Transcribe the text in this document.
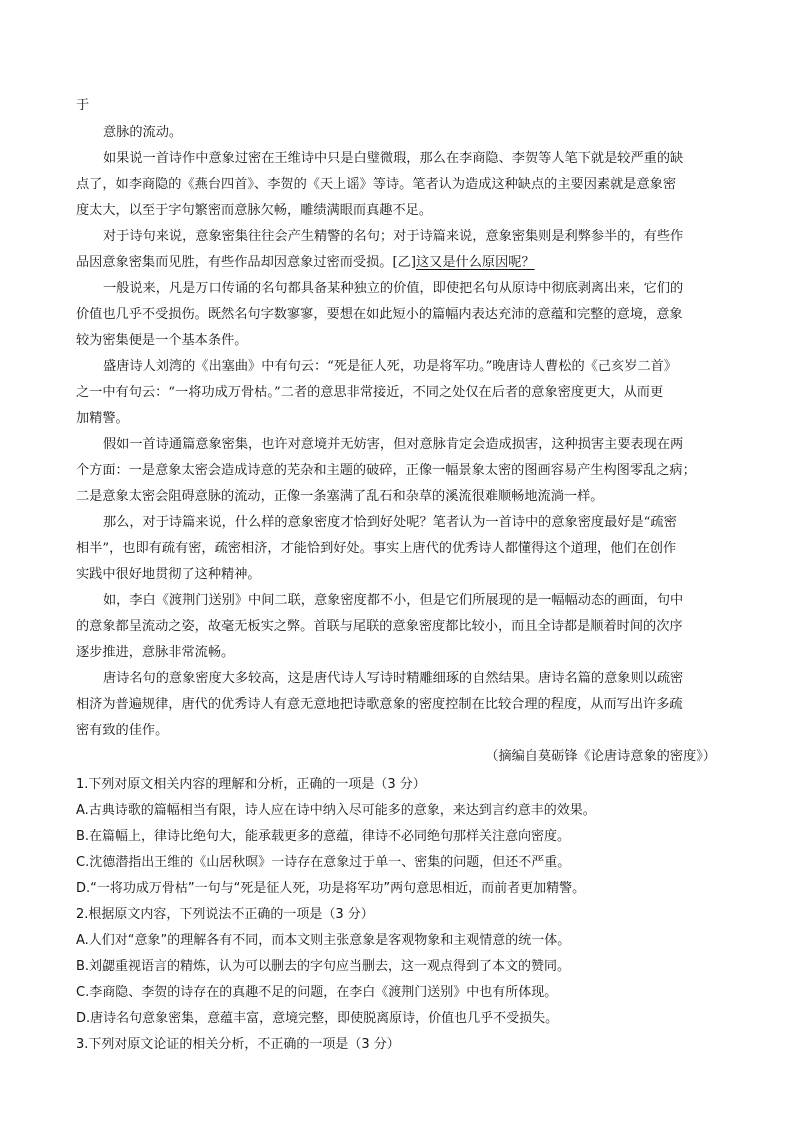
于

意脉的流动。

如果说一首诗作中意象过密在王维诗中只是白璧微瑕，那么在李商隐、李贺等人笔下就是较严重的缺

点了，如李商隐的《燕台四首》、李贺的《天上谣》等诗。笔者认为造成这种缺点的主要因素就是意象密

度太大，以至于字句繁密而意脉欠畅，雕绩满眼而真趣不足。

对于诗句来说，意象密集往往会产生精警的名句；对于诗篇来说，意象密集则是利弊参半的，有些作

品因意象密集而见胜，有些作品却因意象过密而受损。[乙]这又是什么原因呢？

一般说来，凡是万口传诵的名句都具备某种独立的价值，即使把名句从原诗中彻底剥离出来，它们的

价值也几乎不受损伤。既然名句字数寥寥，要想在如此短小的篇幅内表达充沛的意蕴和完整的意境，意象

较为密集便是一个基本条件。

盛唐诗人刘湾的《出塞曲》中有句云：“死是征人死，功是将军功。”晚唐诗人曹松的《己亥岁二首》

之一中有句云：“一将功成万骨枯。”二者的意思非常接近，不同之处仅在后者的意象密度更大，从而更

加精警。

假如一首诗通篇意象密集，也许对意境并无妨害，但对意脉肯定会造成损害，这种损害主要表现在两

个方面：一是意象太密会造成诗意的芜杂和主题的破碎，正像一幅景象太密的图画容易产生构图零乱之病；

二是意象太密会阻碍意脉的流动，正像一条塞满了乱石和杂草的溪流很难顺畅地流淌一样。

那么，对于诗篇来说，什么样的意象密度才恰到好处呢？笔者认为一首诗中的意象密度最好是“疏密

相半”，也即有疏有密，疏密相济，才能恰到好处。事实上唐代的优秀诗人都懂得这个道理，他们在创作

实践中很好地贯彻了这种精神。

如，李白《渡荆门送别》中间二联，意象密度都不小，但是它们所展现的是一幅幅动态的画面，句中

的意象都呈流动之姿，故毫无板实之弊。首联与尾联的意象密度都比较小，而且全诗都是顺着时间的次序

逐步推进，意脉非常流畅。

唐诗名句的意象密度大多较高，这是唐代诗人写诗时精雕细琢的自然结果。唐诗名篇的意象则以疏密

相济为普遍规律，唐代的优秀诗人有意无意地把诗歌意象的密度控制在比较合理的程度，从而写出许多疏

密有致的佳作。

（摘编自莫砺锋《论唐诗意象的密度》）

1.下列对原文相关内容的理解和分析，正确的一项是（3 分）

A.古典诗歌的篇幅相当有限，诗人应在诗中纳入尽可能多的意象，来达到言约意丰的效果。

B.在篇幅上，律诗比绝句大，能承载更多的意蕴，律诗不必同绝句那样关注意向密度。

C.沈德潜指出王维的《山居秋暝》一诗存在意象过于单一、密集的问题，但还不严重。

D.“一将功成万骨枯”一句与“死是征人死，功是将军功”两句意思相近，而前者更加精警。

2.根据原文内容，下列说法不正确的一项是（3 分）

A.人们对“意象”的理解各有不同，而本文则主张意象是客观物象和主观情意的统一体。

B.刘勰重视语言的精炼，认为可以删去的字句应当删去，这一观点得到了本文的赞同。

C.李商隐、李贺的诗存在的真趣不足的问题，在李白《渡荆门送别》中也有所体现。

D.唐诗名句意象密集，意蕴丰富，意境完整，即使脱离原诗，价值也几乎不受损失。

3.下列对原文论证的相关分析，不正确的一项是（3 分）
